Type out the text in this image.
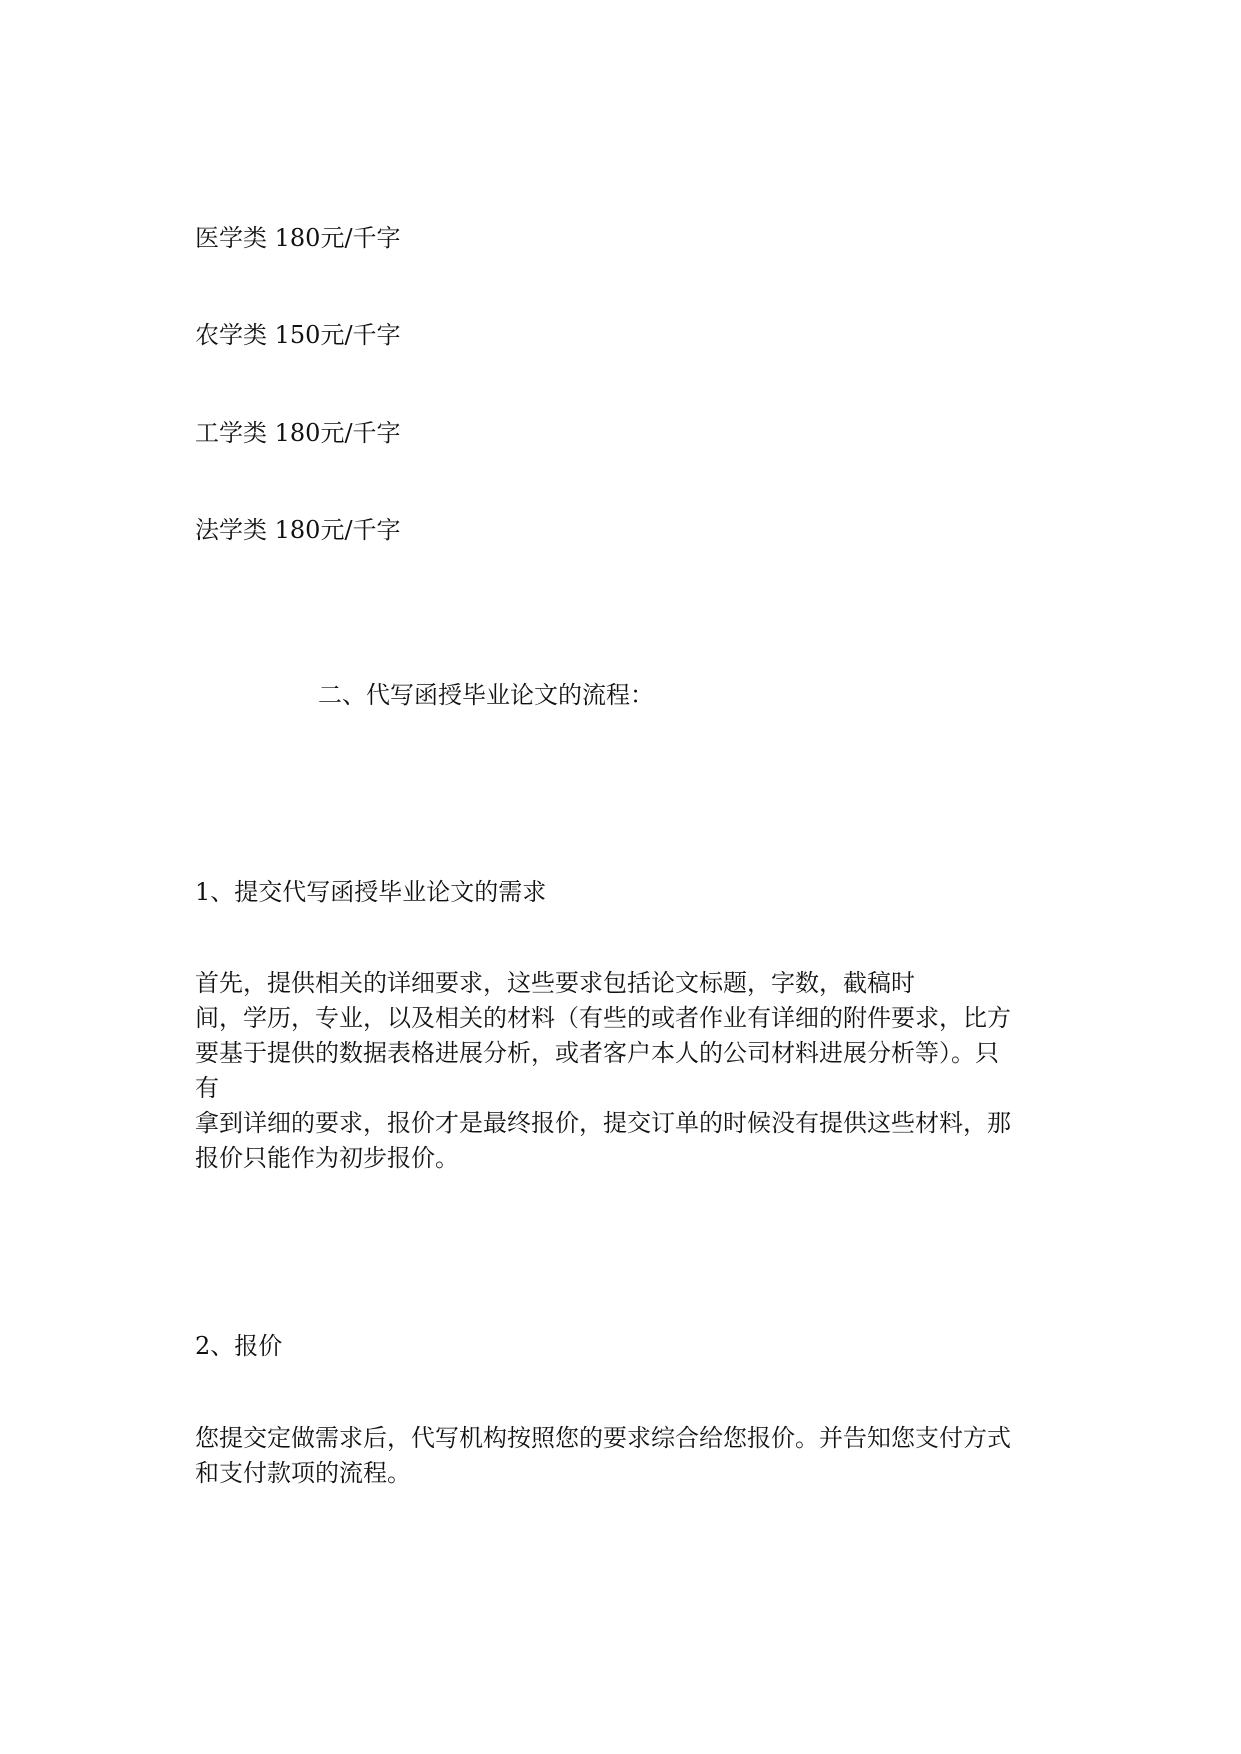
医学类 180元/千字
农学类 150元/千字
工学类 180元/千字
法学类 180元/千字
二、代写函授毕业论文的流程：
1、提交代写函授毕业论文的需求
首先，提供相关的详细要求，这些要求包括论文标题，字数，截稿时
间，学历，专业，以及相关的材料（有些的或者作业有详细的附件要求，比方
要基于提供的数据表格进展分析，或者客户本人的公司材料进展分析等）。只
有
拿到详细的要求，报价才是最终报价，提交订单的时候没有提供这些材料，那
报价只能作为初步报价。
2、报价
您提交定做需求后，代写机构按照您的要求综合给您报价。并告知您支付方式
和支付款项的流程。
